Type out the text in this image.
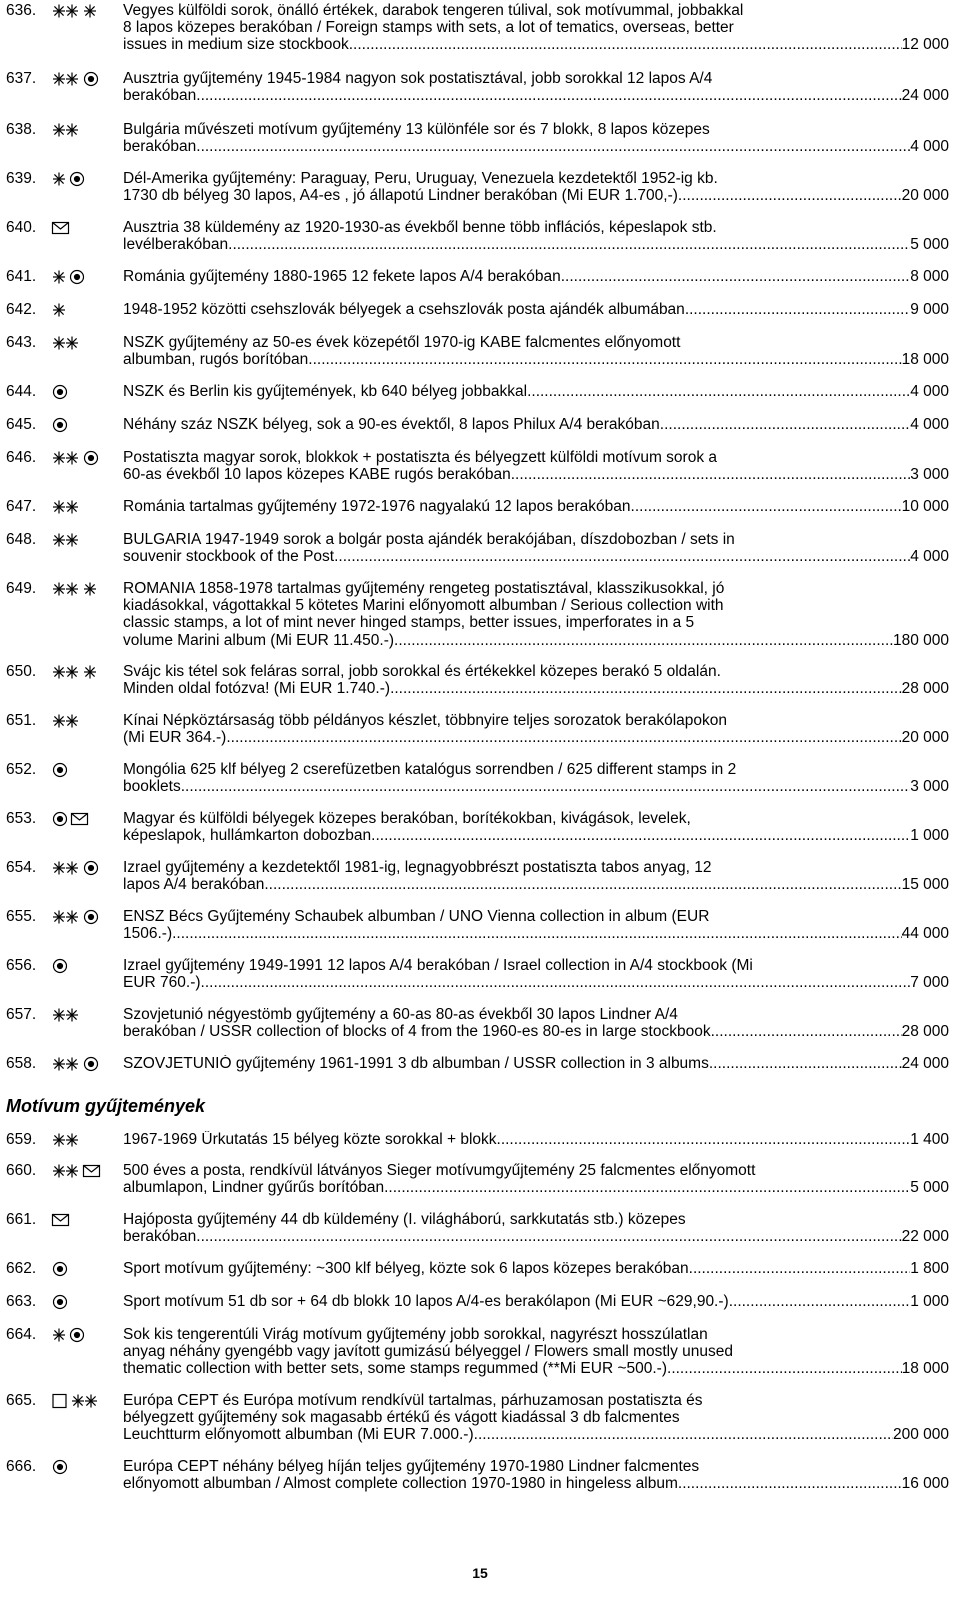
636.	Vegyes külföldi sorok, önálló értékek, darabok tengeren túlival, sok motívummal, jobbakkal
8 lapos közepes berakóban / Foreign stamps with sets, a lot of tematics, overseas, better
issues in medium size stockbook .....	12 000
637.	Ausztria gyűjtemény 1945-1984 nagyon sok postatisztával, jobb sorokkal 12 lapos A/4
berakóban .....	24 000
638.	Bulgária művészeti motívum gyűjtemény 13 különféle sor és 7 blokk, 8 lapos közepes
berakóban .....	4 000
639.	Dél-Amerika gyűjtemény: Paraguay, Peru, Uruguay, Venezuela kezdetektől 1952-ig kb.
1730 db bélyeg 30 lapos, A4-es , jó állapotú Lindner berakóban (Mi EUR 1.700,-) .....	20 000
640.	Ausztria 38 küldemény az 1920-1930-as évekből benne több inflációs, képeslapok stb.
levélberakóban .....	5 000
641.	Románia gyűjtemény 1880-1965 12 fekete lapos A/4 berakóban .....	8 000
642.	1948-1952 közötti csehszlovák bélyegek a csehszlovák posta ajándék albumában .....	9 000
643.	NSZK gyűjtemény az 50-es évek közepétől 1970-ig KABE falcmentes előnyomott
albumban, rugós borítóban .....	18 000
644.	NSZK és Berlin kis gyűjtemények, kb 640 bélyeg jobbakkal .....	4 000
645.	Néhány száz NSZK bélyeg, sok a 90-es évektől, 8 lapos Philux A/4 berakóban .....	4 000
646.	Postatiszta magyar sorok, blokkok + postatiszta és bélyegzett külföldi motívum sorok a
60-as évekből 10 lapos közepes KABE rugós berakóban .....	3 000
647.	Románia tartalmas gyűjtemény 1972-1976 nagyalakú 12 lapos berakóban .....	10 000
648.	BULGARIA 1947-1949 sorok a bolgár posta ajándék berakójában, díszdobozban / sets in
souvenir stockbook of the Post .....	4 000
649.	ROMANIA 1858-1978 tartalmas gyűjtemény rengeteg postatisztával, klasszikusokkal, jó
kiadásokkal, vágottakkal 5 kötetes Marini előnyomott albumban / Serious collection with
classic stamps, a lot of mint never hinged stamps, better issues, imperforates in a 5
volume Marini album (Mi EUR 11.450.-) .....	180 000
650.	Svájc kis tétel sok feláras sorral, jobb sorokkal és értékekkel közepes berakó 5 oldalán.
Minden oldal fotózva! (Mi EUR 1.740.-) .....	28 000
651.	Kínai Népköztársaság több példányos készlet, többnyire teljes sorozatok berakólapokon
(Mi EUR 364.-) .....	20 000
652.	Mongólia 625 klf bélyeg 2 cserefüzetben katalógus sorrendben / 625 different stamps in 2
booklets .....	3 000
653.	Magyar és külföldi bélyegek közepes berakóban, borítékokban, kivágások, levelek,
képeslapok, hullámkarton dobozban .....	1 000
654.	Izrael gyűjtemény a kezdetektől 1981-ig, legnagyobbrészt postatiszta tabos anyag, 12
lapos A/4 berakóban .....	15 000
655.	ENSZ Bécs Gyűjtemény Schaubek albumban / UNO Vienna collection in album (EUR
1506.-) .....	44 000
656.	Izrael gyűjtemény 1949-1991 12 lapos A/4 berakóban / Israel collection in A/4 stockbook (Mi
EUR 760.-) .....	7 000
657.	Szovjetunió négyestömb gyűjtemény a 60-as 80-as évekből 30 lapos Lindner A/4
berakóban / USSR collection of blocks of 4 from the 1960-es 80-es in large stockbook .....	28 000
658.	SZOVJETUNIÓ gyűjtemény 1961-1991 3 db albumban / USSR collection in 3 albums .....	24 000
659.	1967-1969 Űrkutatás 15 bélyeg közte sorokkal + blokk .....	1 400
660.	500 éves a posta, rendkívül látványos Sieger motívumgyűjtemény 25 falcmentes előnyomott
albumlapon, Lindner gyűrűs borítóban .....	5 000
661.	Hajóposta gyűjtemény 44 db küldemény (I. világháború, sarkkutatás stb.) közepes
berakóban .....	22 000
662.	Sport motívum gyűjtemény: ~300 klf bélyeg, közte sok 6 lapos közepes berakóban .....	1 800
663.	Sport motívum 51 db sor + 64 db blokk 10 lapos A/4-es berakólapon (Mi EUR ~629,90.-) .....	1 000
664.	Sok kis tengerentúli Virág motívum gyűjtemény jobb sorokkal, nagyrészt hosszúlatlan
anyag néhány gyengébb vagy javított gumizású bélyeggel / Flowers small mostly unused
thematic collection with better sets, some stamps regummed (**Mi EUR ~500.-). .....	18 000
665.	Európa CEPT és Európa motívum rendkívül tartalmas, párhuzamosan postatiszta és
bélyegzett gyűjtemény sok magasabb értékű és vágott kiadással 3 db falcmentes
Leuchtturm előnyomott albumban (Mi EUR 7.000.-) .....	200 000
666.	Európa CEPT néhány bélyeg híján teljes gyűjtemény 1970-1980 Lindner falcmentes
előnyomott albumban / Almost complete collection 1970-1980 in hingeless album .....	16 000
Motívum gyűjtemények
15
